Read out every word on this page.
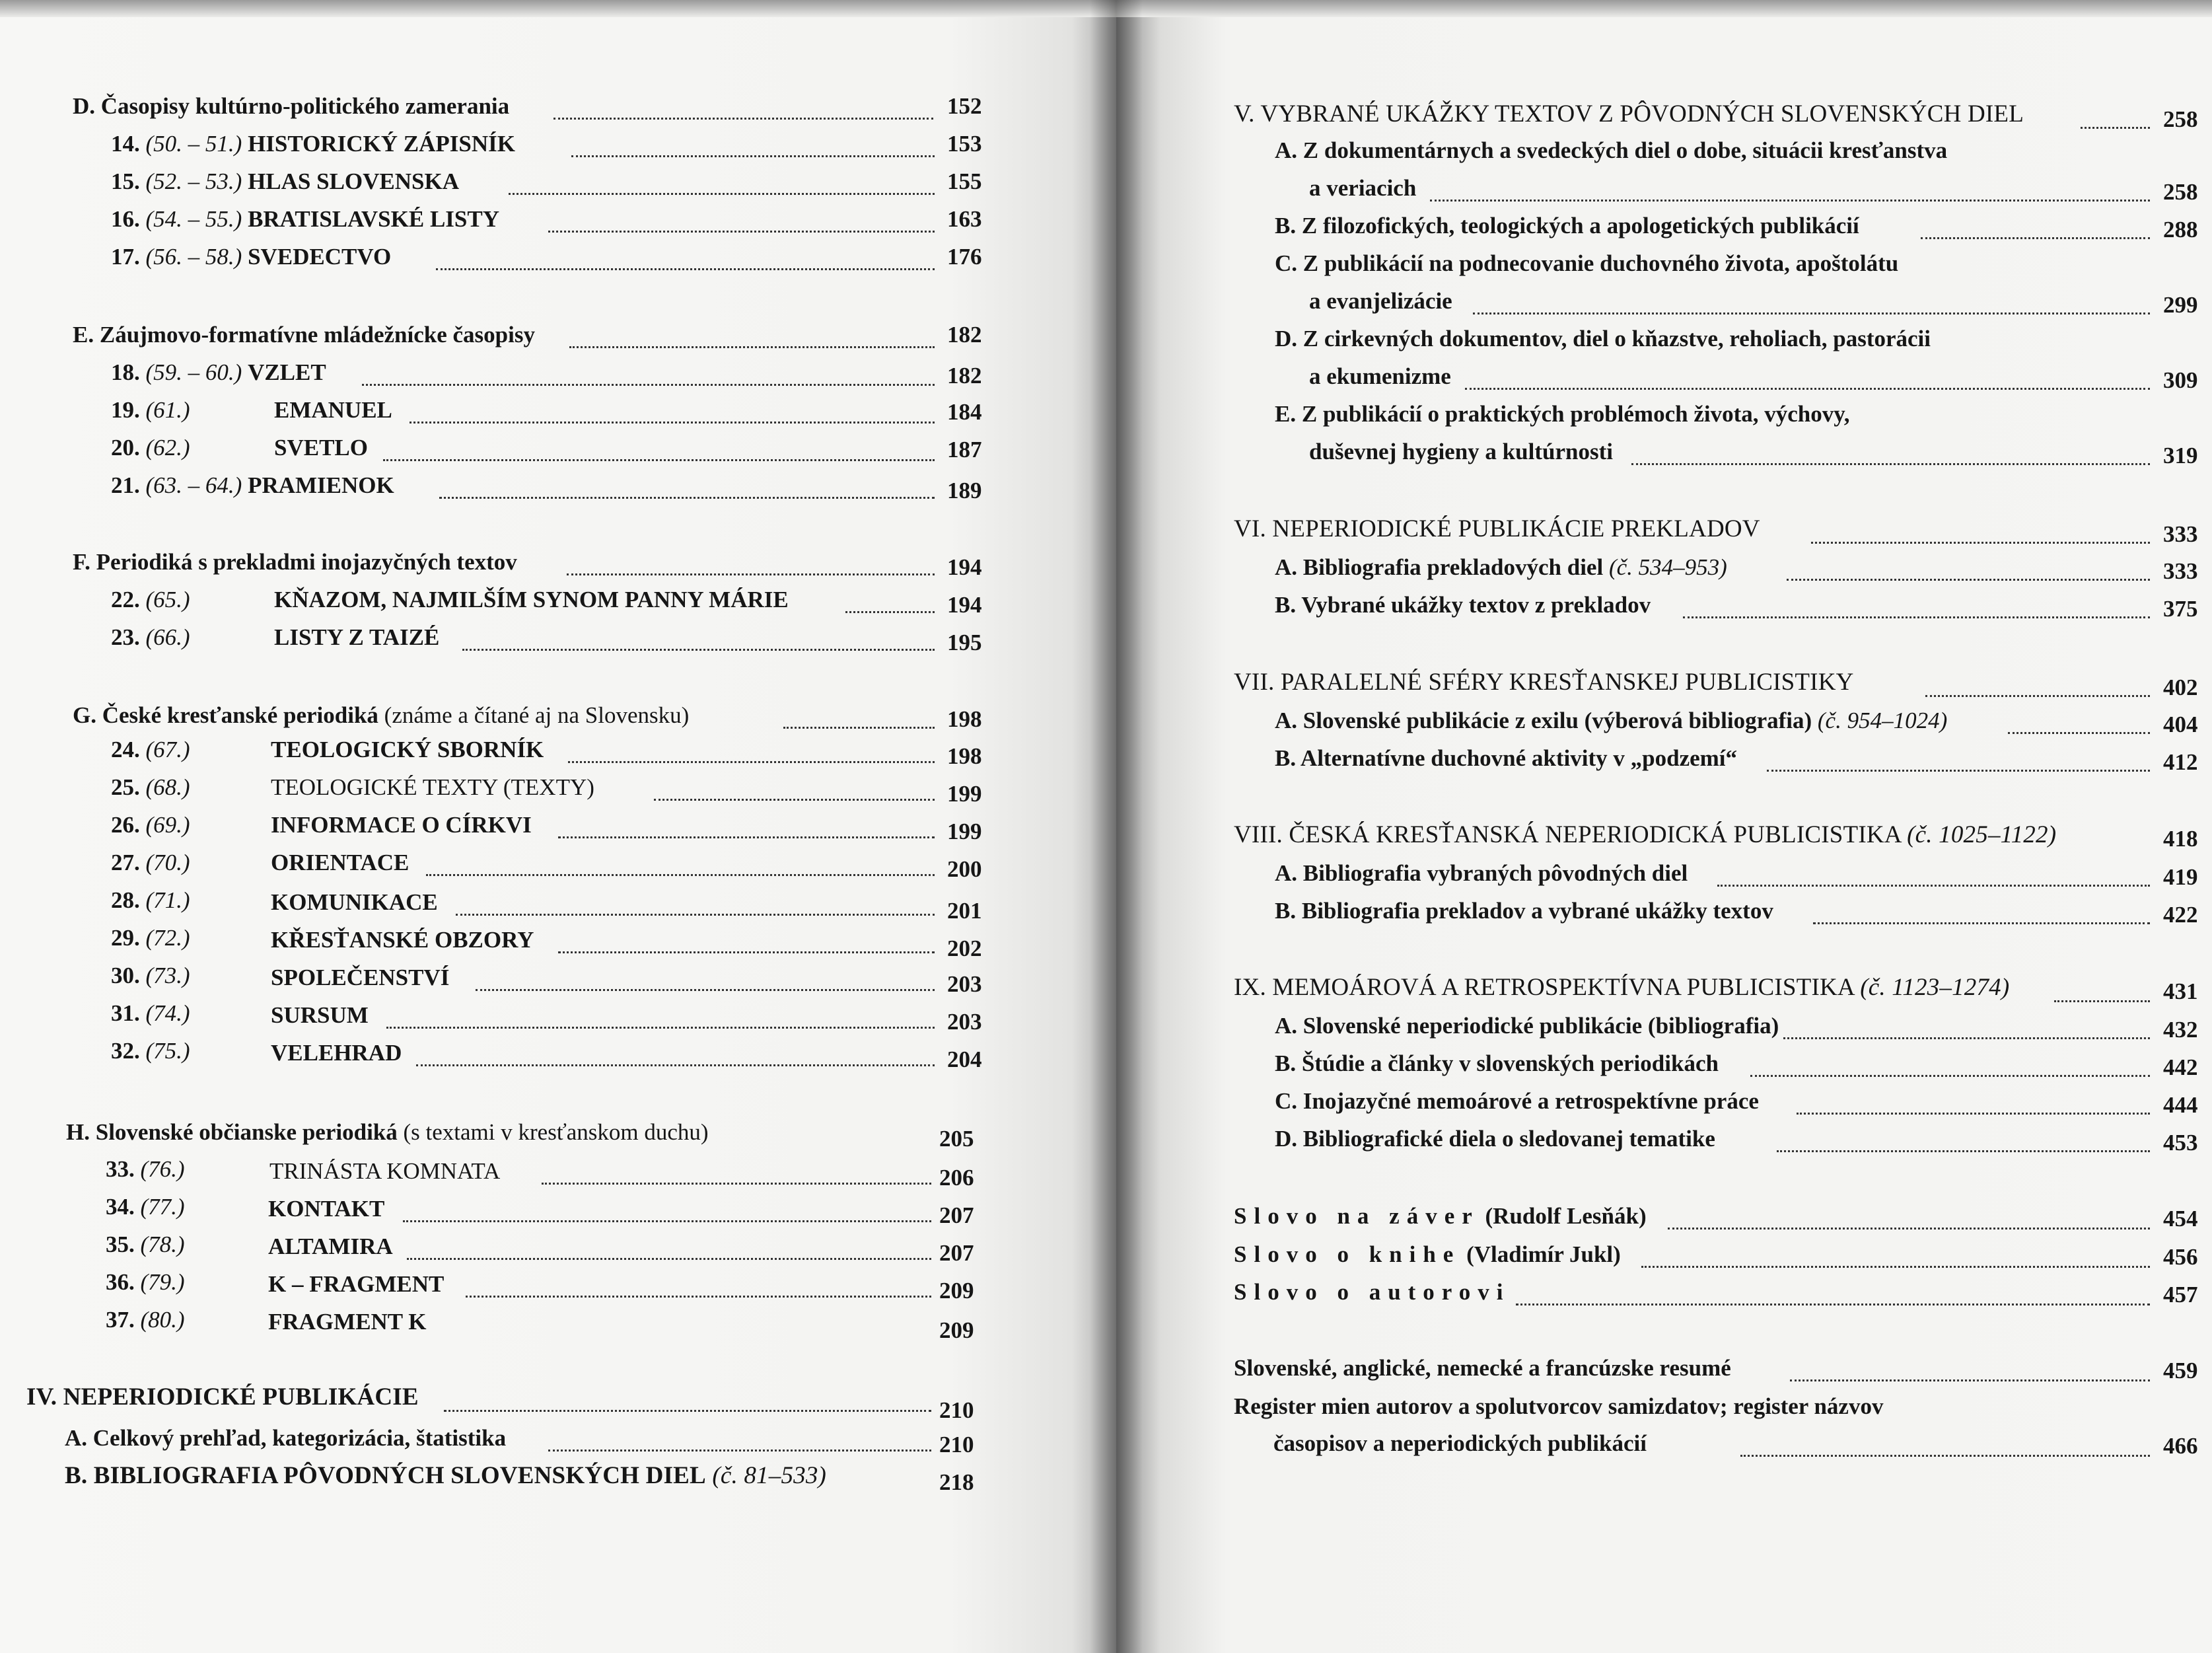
D. Časopisy kultúrno-politického zamerania	152
14. (50. – 51.) HISTORICKÝ ZÁPISNÍK	153
15. (52. – 53.) HLAS SLOVENSKA	155
16. (54. – 55.) BRATISLAVSKÉ LISTY	163
17. (56. – 58.) SVEDECTVO	176
E. Záujmovo-formatívne mládežnícke časopisy	182
18. (59. – 60.) VZLET	182
19. (61.)	EMANUEL	184
20. (62.)	SVETLO	187
21. (63. – 64.) PRAMIENOK	189
F. Periodiká s prekladmi inojazyčných textov	194
22. (65.)	KŇAZOM, NAJMILŠÍM SYNOM PANNY MÁRIE	194
23. (66.)	LISTY Z TAIZÉ	195
G. České kresťanské periodiká (známe a čítané aj na Slovensku)	198
24. (67.)	TEOLOGICKÝ SBORNÍK	198
25. (68.)	TEOLOGICKÉ TEXTY (TEXTY)	199
26. (69.)	INFORMACE O CÍRKVI	199
27. (70.)	ORIENTACE	200
28. (71.)	KOMUNIKACE	201
29. (72.)	KŘESŤANSKÉ OBZORY	202
30. (73.)	SPOLEČENSTVÍ	203
31. (74.)	SURSUM	203
32. (75.)	VELEHRAD	204
H. Slovenské občianske periodiká (s textami v kresťanskom duchu)	205
33. (76.)	TRINÁSTA KOMNATA	206
34. (77.)	KONTAKT	207
35. (78.)	ALTAMIRA	207
36. (79.)	K – FRAGMENT	209
37. (80.)	FRAGMENT K	209
IV. NEPERIODICKÉ PUBLIKÁCIE	210
A. Celkový prehľad, kategorizácia, štatistika	210
B. BIBLIOGRAFIA PÔVODNÝCH SLOVENSKÝCH DIEL (č. 81–533)	218
V. VYBRANÉ UKÁŽKY TEXTOV Z PÔVODNÝCH SLOVENSKÝCH DIEL	258
A. Z dokumentárnych a svedeckých diel o dobe, situácii kresťanstva
a veriacich	258
B. Z filozofických, teologických a apologetických publikácií	288
C. Z publikácií na podnecovanie duchovného života, apoštolátu
a evanjelizácie	299
D. Z cirkevných dokumentov, diel o kňazstve, reholiach, pastorácii
a ekumenizme	309
E. Z publikácií o praktických problémoch života, výchovy,
duševnej hygieny a kultúrnosti	319
VI. NEPERIODICKÉ PUBLIKÁCIE PREKLADOV	333
A. Bibliografia prekladových diel (č. 534–953)	333
B. Vybrané ukážky textov z prekladov	375
VII. PARALELNÉ SFÉRY KRESŤANSKEJ PUBLICISTIKY	402
A. Slovenské publikácie z exilu (výberová bibliografia) (č. 954–1024)	404
B. Alternatívne duchovné aktivity v „podzemí“	412
VIII. ČESKÁ KRESŤANSKÁ NEPERIODICKÁ PUBLICISTIKA (č. 1025–1122)	418
A. Bibliografia vybraných pôvodných diel	419
B. Bibliografia prekladov a vybrané ukážky textov	422
IX. MEMOÁROVÁ A RETROSPEKTÍVNA PUBLICISTIKA (č. 1123–1274)	431
A. Slovenské neperiodické publikácie (bibliografia)	432
B. Štúdie a články v slovenských periodikách	442
C. Inojazyčné memoárové a retrospektívne práce	444
D. Bibliografické diela o sledovanej tematike	453
Slovo na záver (Rudolf Lesňák)	454
Slovo o knihe (Vladimír Jukl)	456
Slovo o autorovi	457
Slovenské, anglické, nemecké a francúzske resumé	459
Register mien autorov a spolutvorcov samizdatov; register názvov
časopisov a neperiodických publikácií	466
